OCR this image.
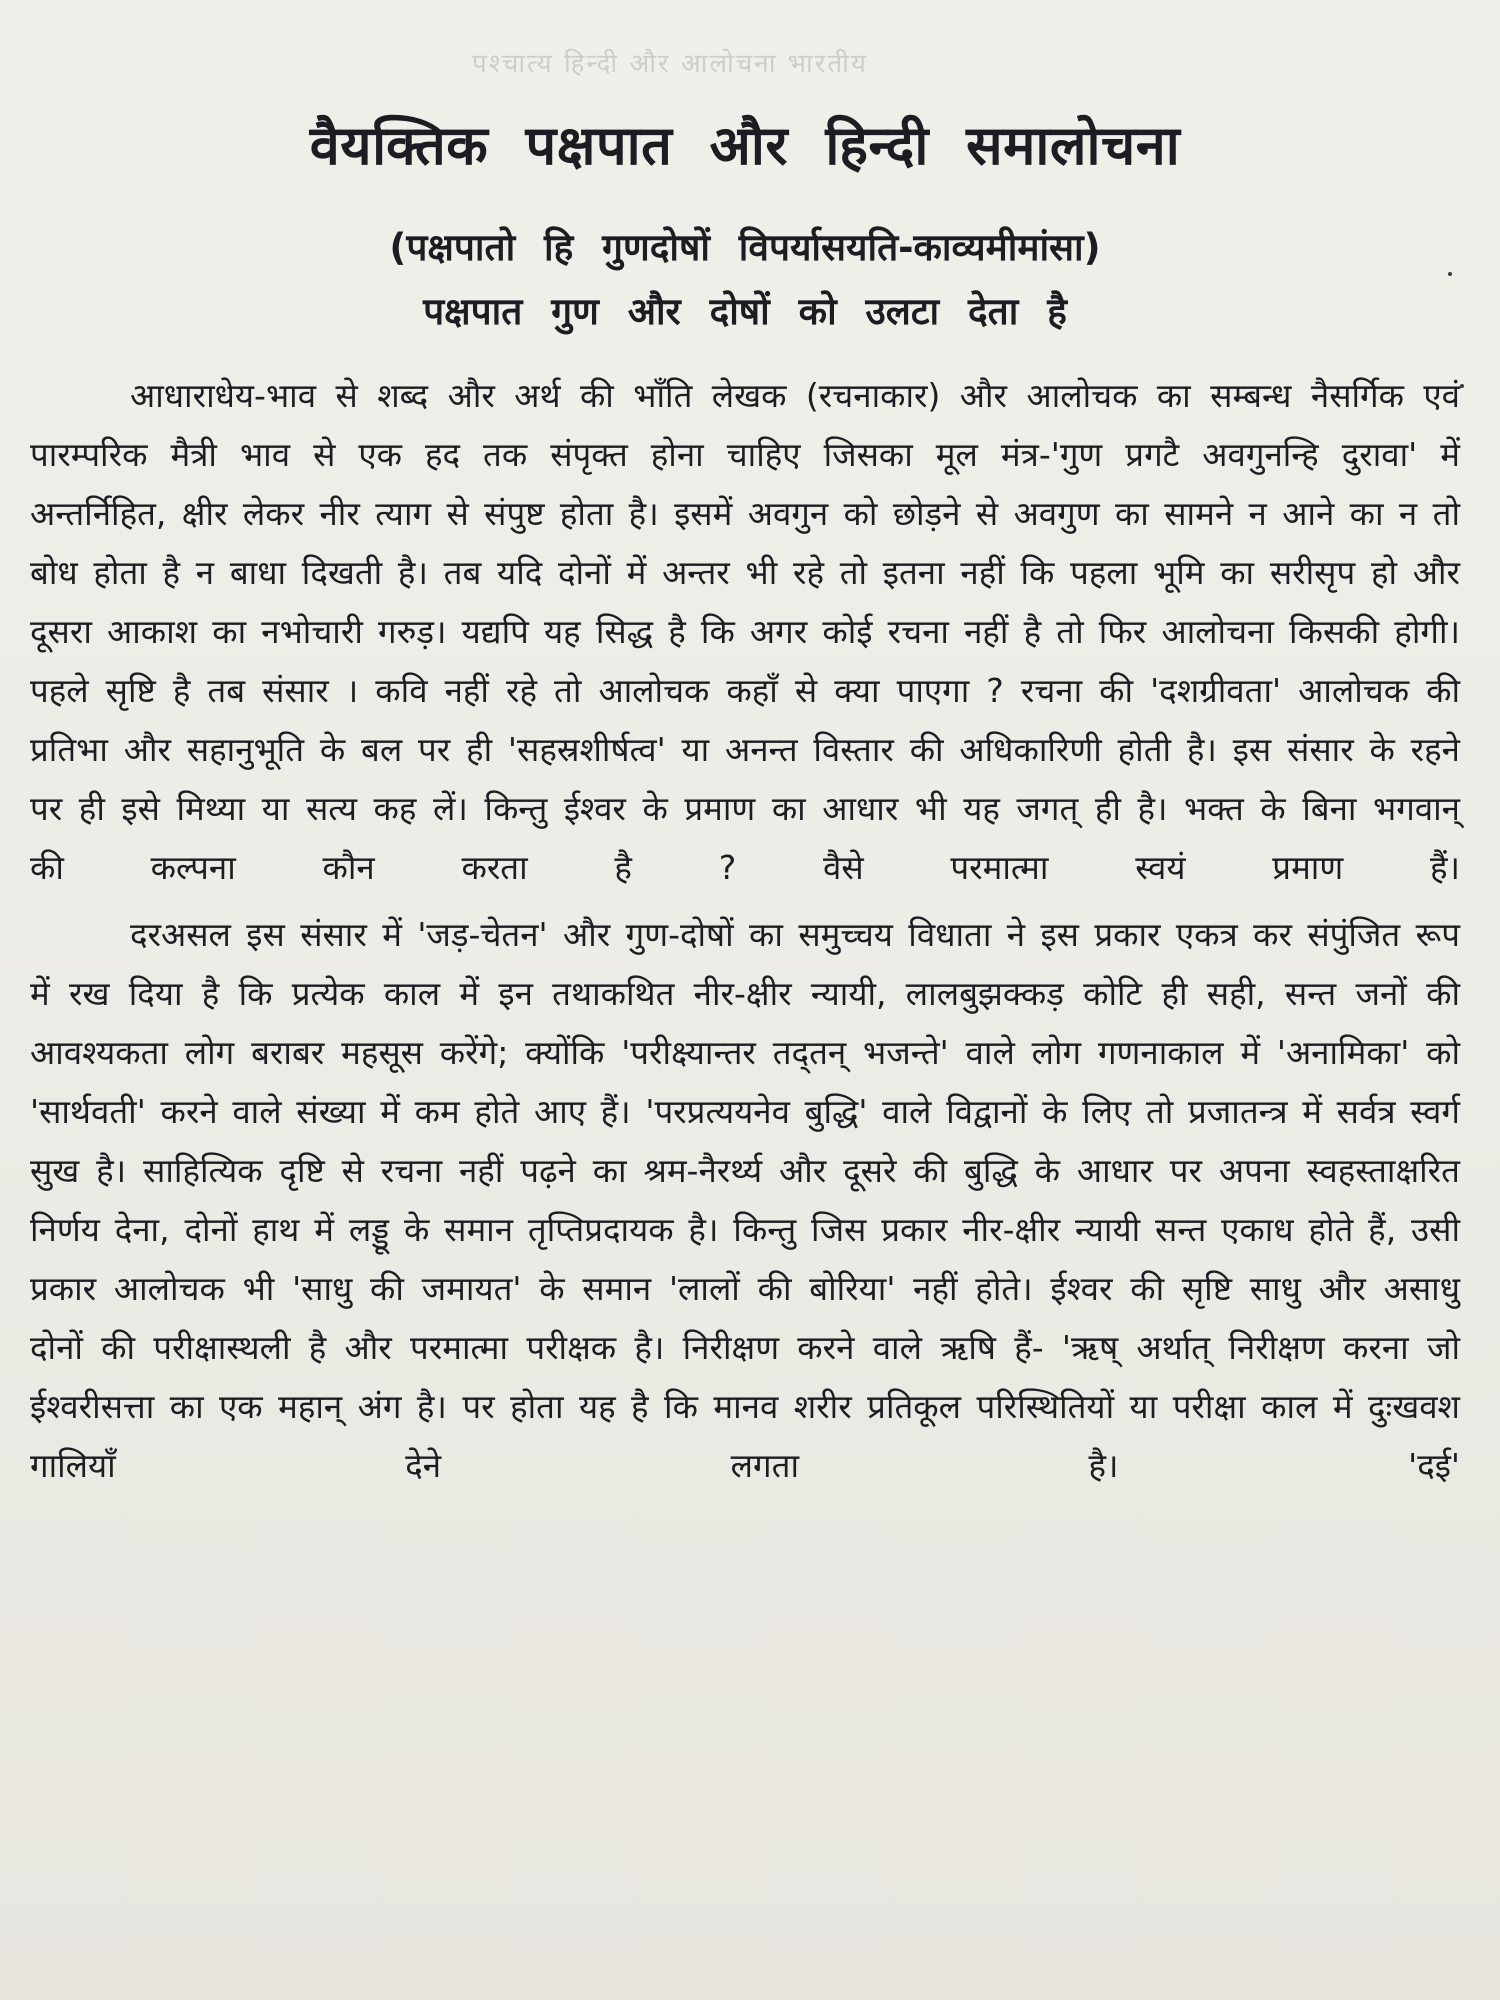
पश्चात्य हिन्दी और आलोचना भारतीय
वैयक्तिक पक्षपात और हिन्दी समालोचना
(पक्षपातो हि गुणदोषों विपर्यासयति-काव्यमीमांसा)
पक्षपात गुण और दोषों को उलटा देता है

आधाराधेय-भाव से शब्द और अर्थ की भाँति लेखक (रचनाकार) और आलोचक का सम्बन्ध नैसर्गिक एवं पारम्परिक मैत्री भाव से एक हद तक संपृक्त होना चाहिए जिसका मूल मंत्र-'गुण प्रगटै अवगुनन्हि दुरावा' में अन्तर्निहित, क्षीर लेकर नीर त्याग से संपुष्ट होता है। इसमें अवगुन को छोड़ने से अवगुण का सामने न आने का न तो बोध होता है न बाधा दिखती है। तब यदि दोनों में अन्तर भी रहे तो इतना नहीं कि पहला भूमि का सरीसृप हो और दूसरा आकाश का नभोचारी गरुड़। यद्यपि यह सिद्ध है कि अगर कोई रचना नहीं है तो फिर आलोचना किसकी होगी। पहले सृष्टि है तब संसार । कवि नहीं रहे तो आलोचक कहाँ से क्या पाएगा ? रचना की 'दशग्रीवता' आलोचक की प्रतिभा और सहानुभूति के बल पर ही 'सहस्रशीर्षत्व' या अनन्त विस्तार की अधिकारिणी होती है। इस संसार के रहने पर ही इसे मिथ्या या सत्य कह लें। किन्तु ईश्वर के प्रमाण का आधार भी यह जगत् ही है। भक्त के बिना भगवान् की कल्पना कौन करता है ? वैसे परमात्मा स्वयं प्रमाण हैं।

दरअसल इस संसार में 'जड़-चेतन' और गुण-दोषों का समुच्चय विधाता ने इस प्रकार एकत्र कर संपुंजित रूप में रख दिया है कि प्रत्येक काल में इन तथाकथित नीर-क्षीर न्यायी, लालबुझक्कड़ कोटि ही सही, सन्त जनों की आवश्यकता लोग बराबर महसूस करेंगे; क्योंकि 'परीक्ष्यान्तर तद्तन् भजन्ते' वाले लोग गणनाकाल में 'अनामिका' को 'सार्थवती' करने वाले संख्या में कम होते आए हैं। 'परप्रत्ययनेव बुद्धि' वाले विद्वानों के लिए तो प्रजातन्त्र में सर्वत्र स्वर्ग सुख है। साहित्यिक दृष्टि से रचना नहीं पढ़ने का श्रम-नैरर्थ्य और दूसरे की बुद्धि के आधार पर अपना स्वहस्ताक्षरित निर्णय देना, दोनों हाथ में लड्डू के समान तृप्तिप्रदायक है। किन्तु जिस प्रकार नीर-क्षीर न्यायी सन्त एकाध होते हैं, उसी प्रकार आलोचक भी 'साधु की जमायत' के समान 'लालों की बोरिया' नहीं होते। ईश्वर की सृष्टि साधु और असाधु दोनों की परीक्षास्थली है और परमात्मा परीक्षक है। निरीक्षण करने वाले ऋषि हैं- 'ऋष् अर्थात् निरीक्षण करना जो ईश्वरीसत्ता का एक महान् अंग है। पर होता यह है कि मानव शरीर प्रतिकूल परिस्थितियों या परीक्षा काल में दुःखवश गालियाँ देने लगता है। 'दई'
